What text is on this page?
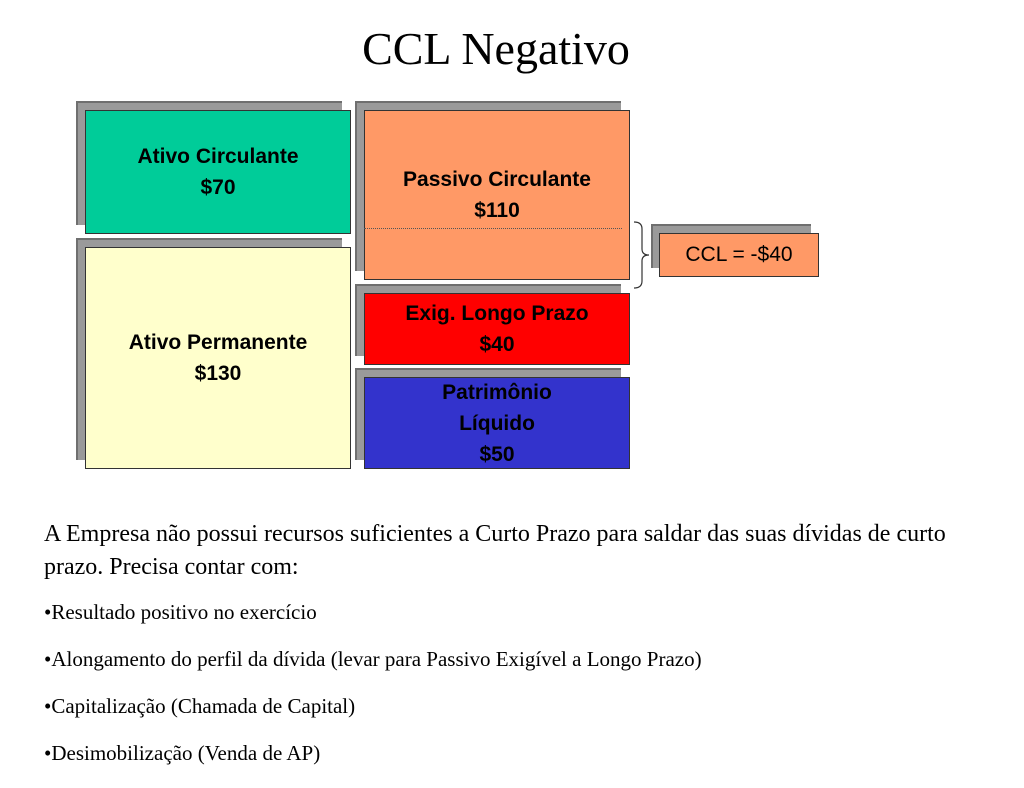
CCL Negativo
Ativo Circulante
$70
Ativo Permanente
$130
Passivo Circulante
$110
Exig. Longo Prazo
$40
Patrimônio
Líquido
$50
CCL = -$40
A Empresa não possui recursos suficientes a Curto Prazo para saldar das suas dívidas de curto prazo. Precisa contar com:
•Resultado positivo no exercício
•Alongamento do perfil da dívida (levar para Passivo Exigível a Longo Prazo)
•Capitalização (Chamada de Capital)
•Desimobilização (Venda de AP)
